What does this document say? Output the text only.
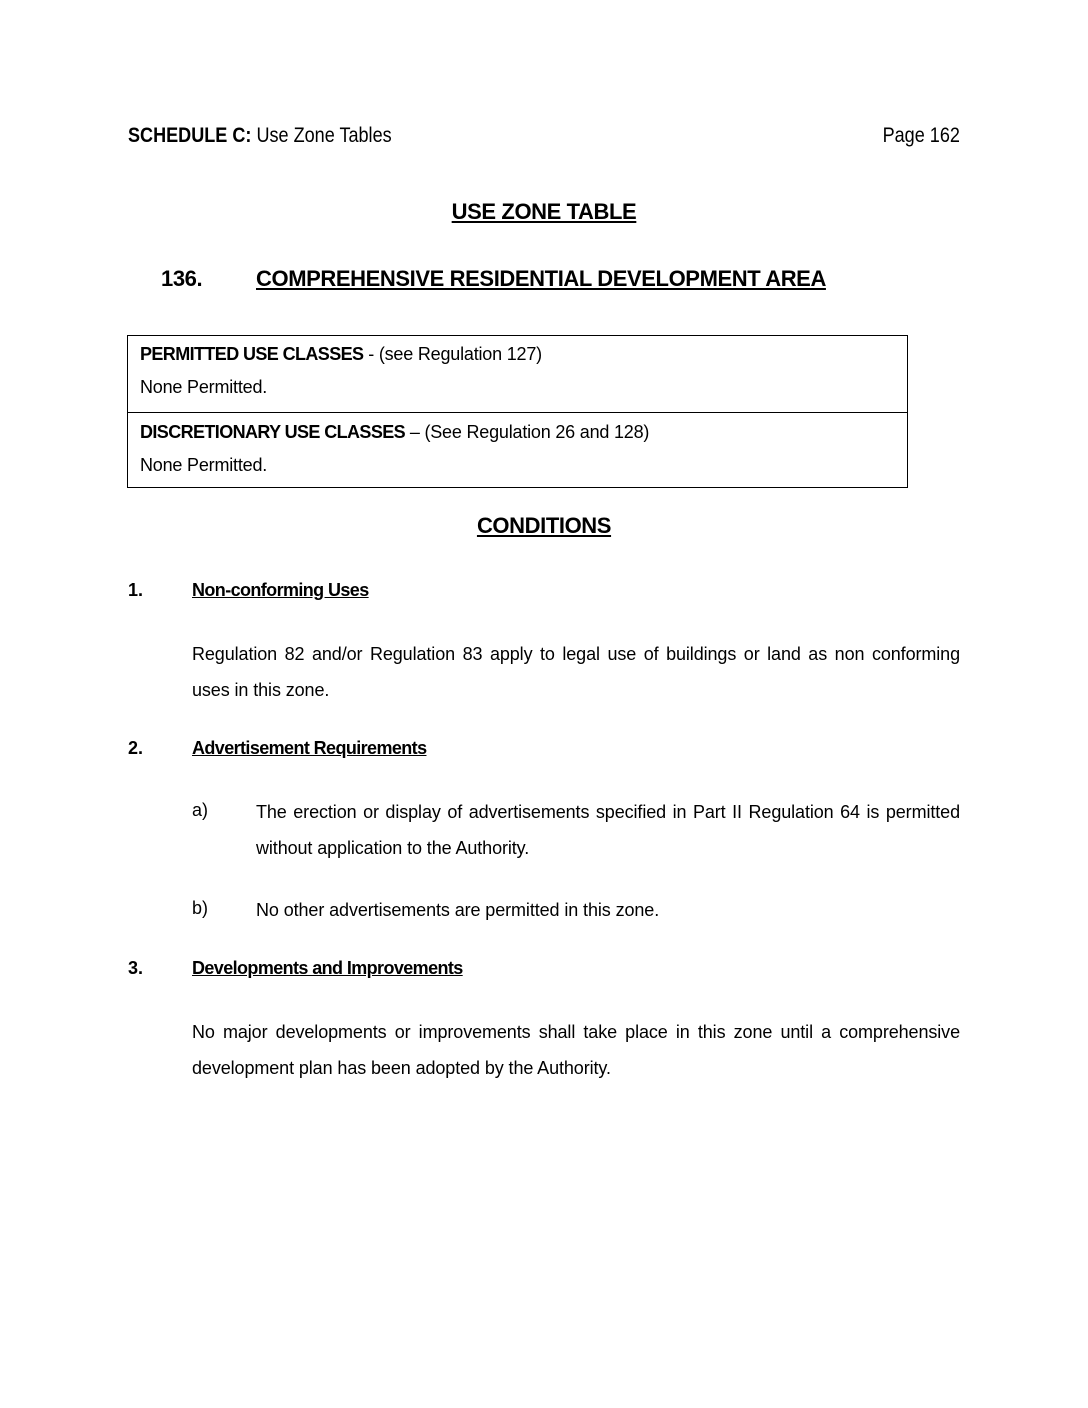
SCHEDULE C: Use Zone Tables	Page 162
USE ZONE TABLE
136. COMPREHENSIVE RESIDENTIAL DEVELOPMENT AREA
PERMITTED USE CLASSES - (see Regulation 127)
None Permitted.
DISCRETIONARY USE CLASSES – (See Regulation 26 and 128)
None Permitted.
CONDITIONS
1.	Non-conforming Uses
Regulation 82 and/or Regulation 83 apply to legal use of buildings or land as non conforming uses in this zone.
2.	Advertisement Requirements
a)	The erection or display of advertisements specified in Part II Regulation 64 is permitted without application to the Authority.
b)	No other advertisements are permitted in this zone.
3.	Developments and Improvements
No major developments or improvements shall take place in this zone until a comprehensive development plan has been adopted by the Authority.
